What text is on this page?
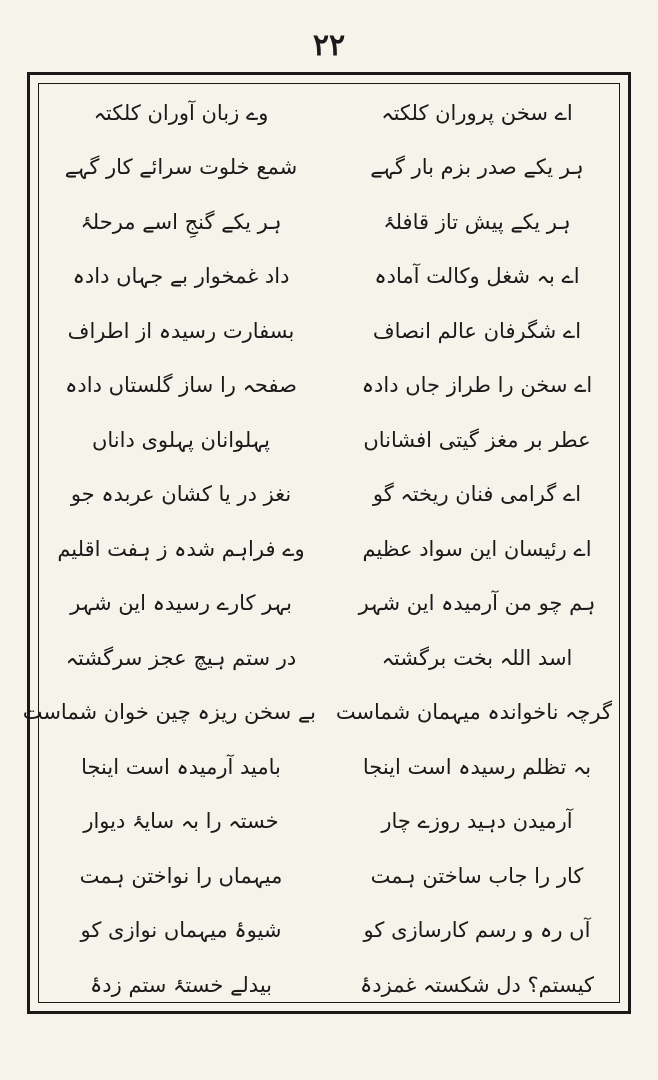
۲۲
اے سخن پروران کلکتہ
وے زبان آوران کلکتہ
ہر یکے صدر بزم بار گہے
شمع خلوت سرائے کار گہے
ہر یکے پیش تاز قافلۂ
ہر یکے گنجِ اسے مرحلۂ
اے بہ شغل وکالت آمادہ
داد غمخوار بے جہاں دادہ
اے شگرفان عالم انصاف
بسفارت رسیدہ از اطراف
اے سخن را طراز جاں دادہ
صفحہ را ساز گلستاں دادہ
عطر بر مغز گیتی افشاناں
پہلوانان پہلوی داناں
اے گرامی فنان ریختہ گو
نغز در یا کشان عربدہ جو
اے رئیسان این سواد عظیم
وے فراہم شدہ ز ہفت اقلیم
ہم چو من آرمیدہ این شہر
بہر کارے رسیدہ این شہر
اسد اللہ بخت برگشتہ
در ستم ہیچ عجز سرگشتہ
گرچہ ناخواندہ میہمان شماست
بے سخن ریزہ چین خوان شماست
بہ تظلم رسیدہ است اینجا
بامید آرمیدہ است اینجا
آرمیدن دہید روزے چار
خستہ را بہ سایۂ دیوار
کار را جاب ساختن ہمت
میہماں را نواختن ہمت
آں رہ و رسم کارسازی کو
شیوۂ میہماں نوازی کو
کیستم؟ دل شکستہ غمزدۂ
بیدلے خستۂ ستم زدۂ
